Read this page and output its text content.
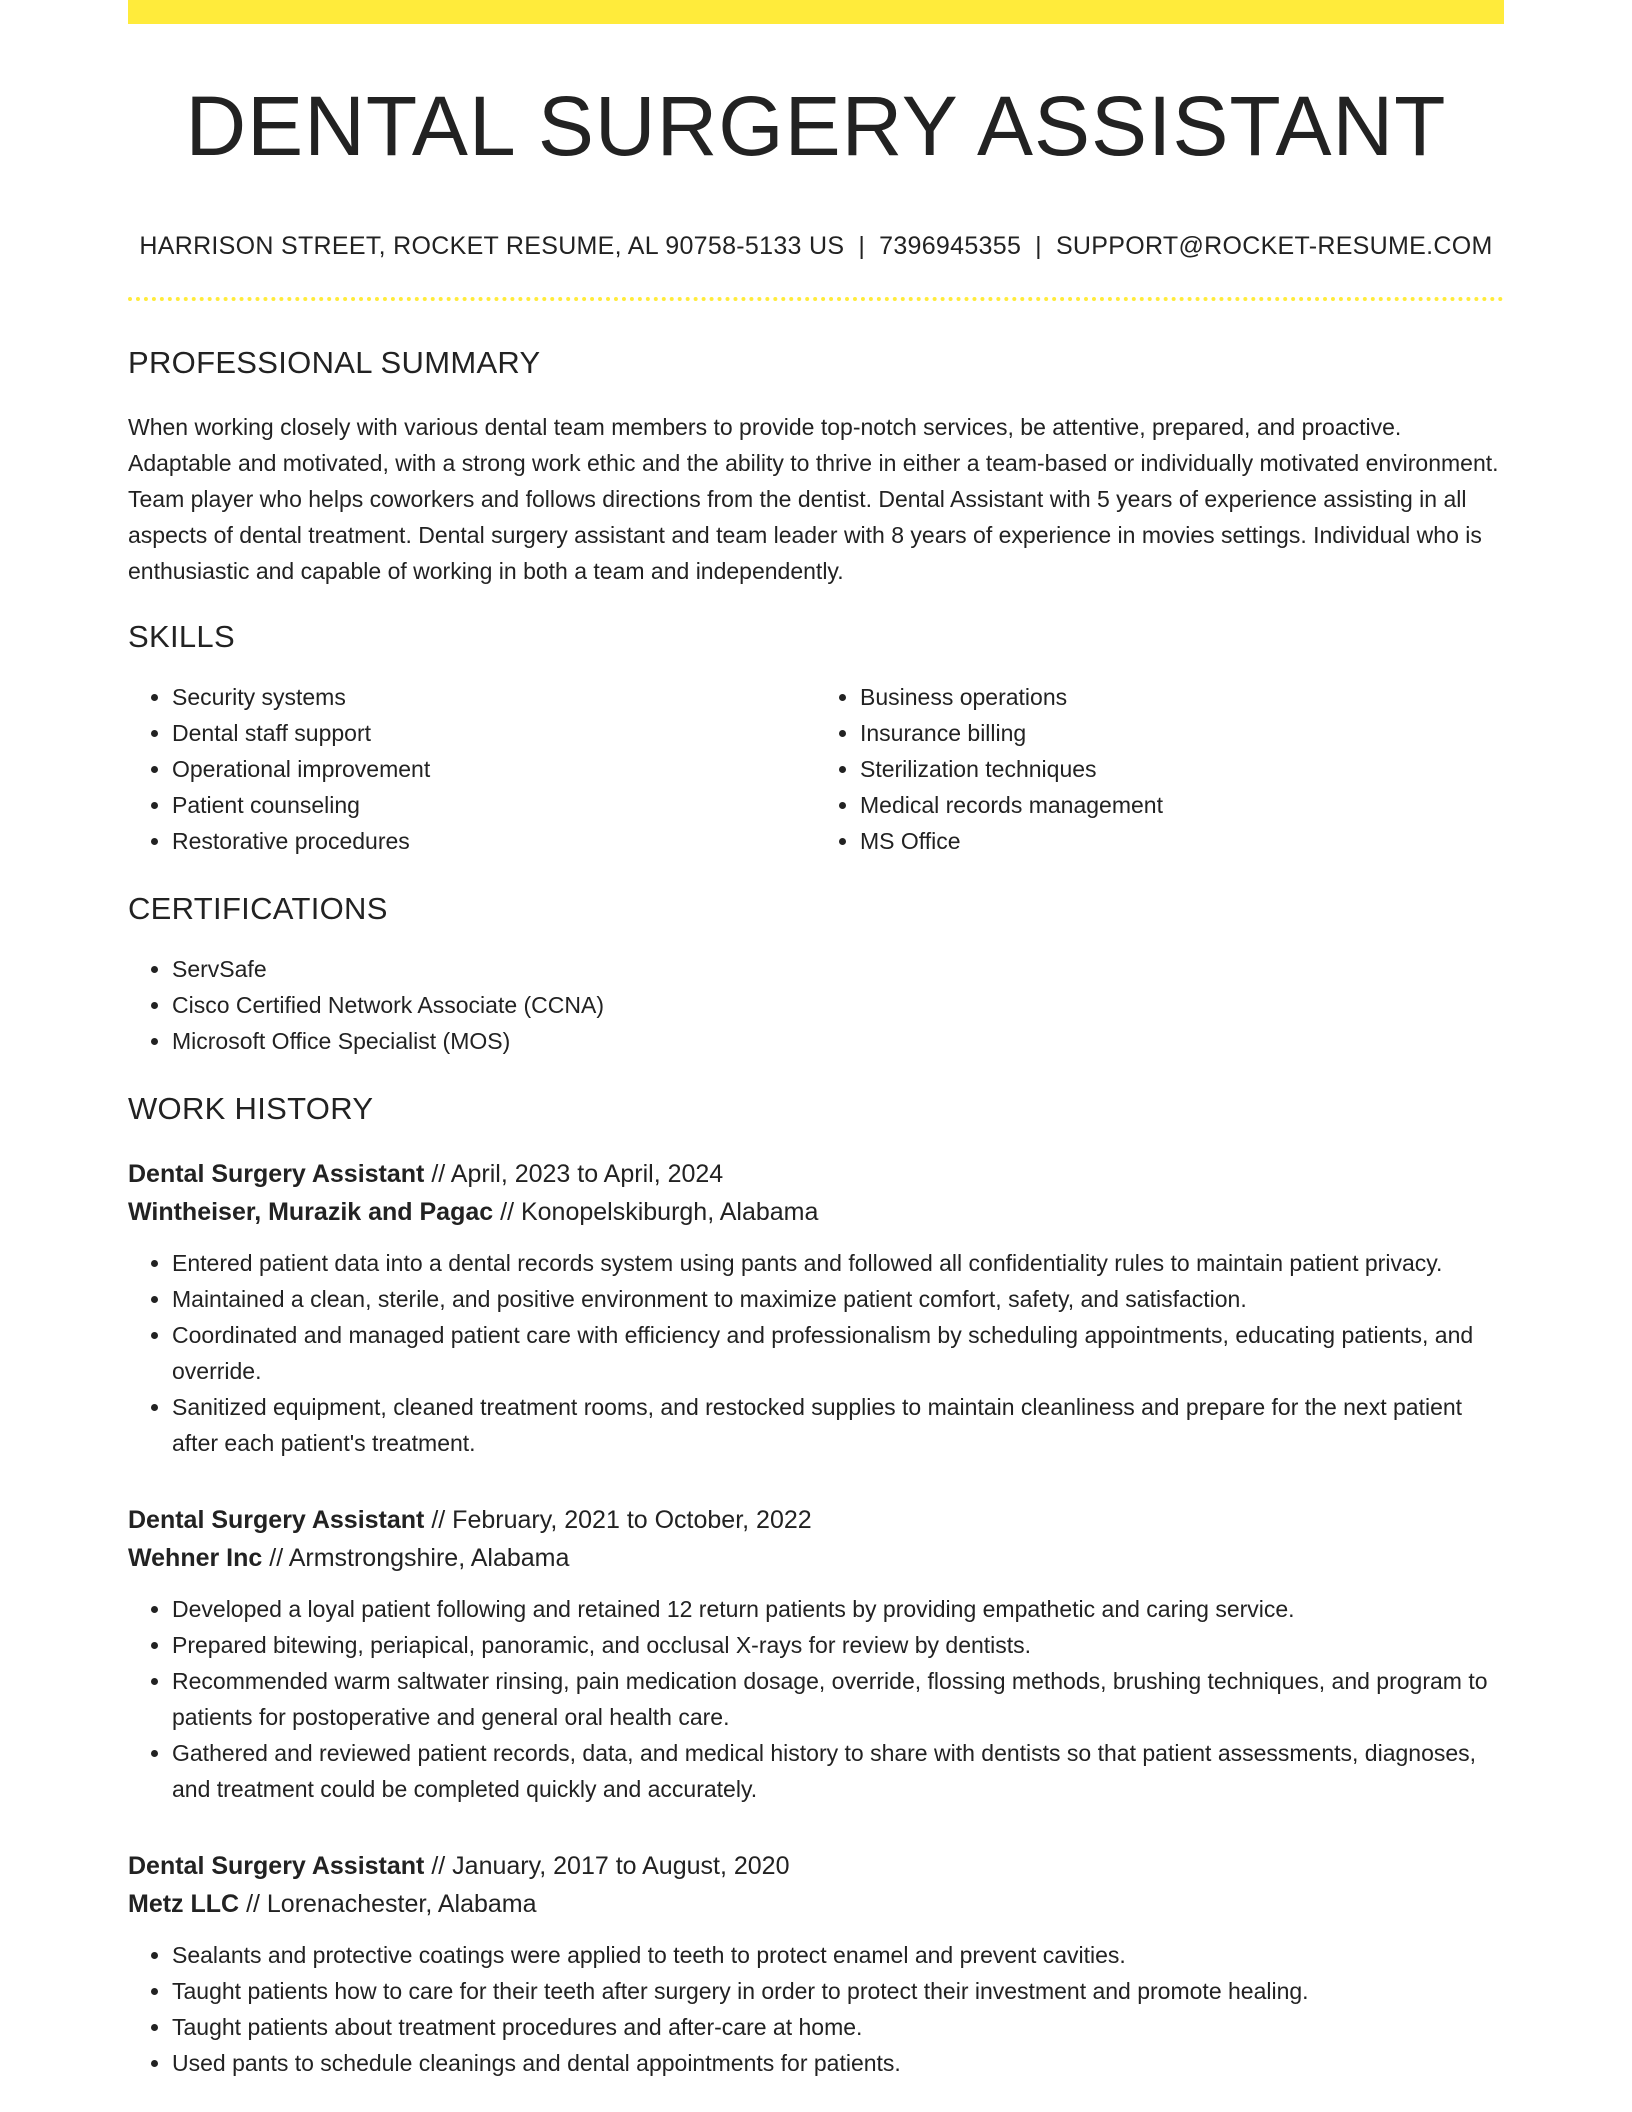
DENTAL SURGERY ASSISTANT
HARRISON STREET, ROCKET RESUME, AL 90758-5133 US | 7396945355 | SUPPORT@ROCKET-RESUME.COM
PROFESSIONAL SUMMARY
When working closely with various dental team members to provide top-notch services, be attentive, prepared, and proactive. Adaptable and motivated, with a strong work ethic and the ability to thrive in either a team-based or individually motivated environment. Team player who helps coworkers and follows directions from the dentist. Dental Assistant with 5 years of experience assisting in all aspects of dental treatment. Dental surgery assistant and team leader with 8 years of experience in movies settings. Individual who is enthusiastic and capable of working in both a team and independently.
SKILLS
• Security systems
• Dental staff support
• Operational improvement
• Patient counseling
• Restorative procedures
• Business operations
• Insurance billing
• Sterilization techniques
• Medical records management
• MS Office
CERTIFICATIONS
• ServSafe
• Cisco Certified Network Associate (CCNA)
• Microsoft Office Specialist (MOS)
WORK HISTORY
Dental Surgery Assistant // April, 2023 to April, 2024
Wintheiser, Murazik and Pagac // Konopelskiburgh, Alabama
• Entered patient data into a dental records system using pants and followed all confidentiality rules to maintain patient privacy.
• Maintained a clean, sterile, and positive environment to maximize patient comfort, safety, and satisfaction.
• Coordinated and managed patient care with efficiency and professionalism by scheduling appointments, educating patients, and override.
• Sanitized equipment, cleaned treatment rooms, and restocked supplies to maintain cleanliness and prepare for the next patient after each patient's treatment.
Dental Surgery Assistant // February, 2021 to October, 2022
Wehner Inc // Armstrongshire, Alabama
• Developed a loyal patient following and retained 12 return patients by providing empathetic and caring service.
• Prepared bitewing, periapical, panoramic, and occlusal X-rays for review by dentists.
• Recommended warm saltwater rinsing, pain medication dosage, override, flossing methods, brushing techniques, and program to patients for postoperative and general oral health care.
• Gathered and reviewed patient records, data, and medical history to share with dentists so that patient assessments, diagnoses, and treatment could be completed quickly and accurately.
Dental Surgery Assistant // January, 2017 to August, 2020
Metz LLC // Lorenachester, Alabama
• Sealants and protective coatings were applied to teeth to protect enamel and prevent cavities.
• Taught patients how to care for their teeth after surgery in order to protect their investment and promote healing.
• Taught patients about treatment procedures and after-care at home.
• Used pants to schedule cleanings and dental appointments for patients.
